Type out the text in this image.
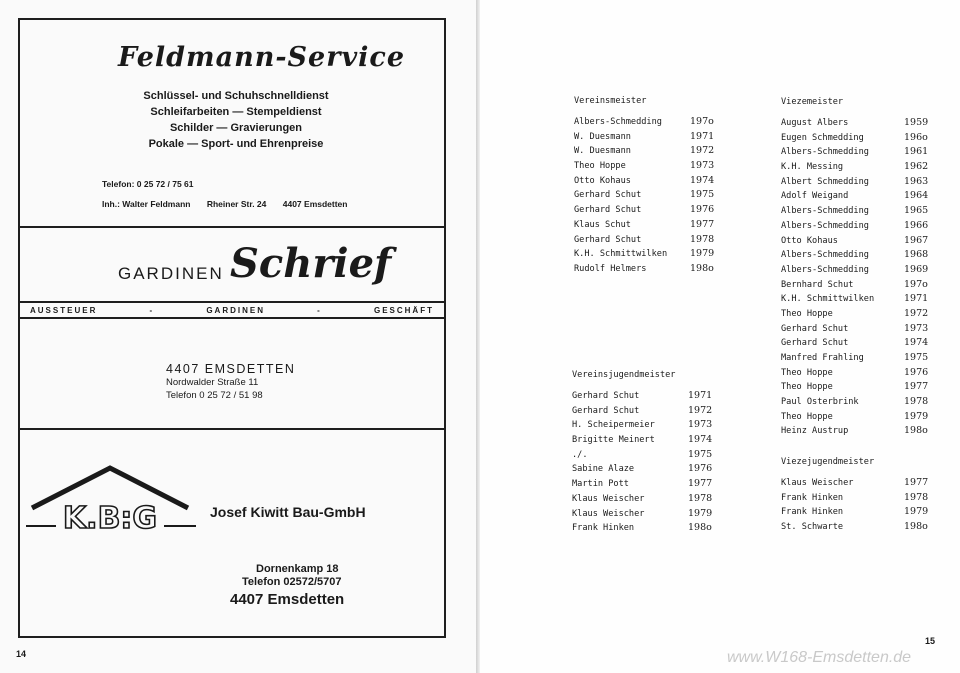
Feldmann-Service
Schlüssel- und Schuhschnelldienst
Schleifarbeiten — Stempeldienst
Schilder — Gravierungen
Pokale — Sport- und Ehrenpreise
Telefon: 0 25 72 / 75 61
Inh.: Walter Feldmann Rheiner Str. 24 4407 Emsdetten
GARDINEN Schrief
AUSSTEUER	-	GARDINEN	-	GESCHÄFT
4407 EMSDETTEN
Nordwalder Straße 11
Telefon 0 25 72 / 51 98
K.B:G	Josef Kiwitt Bau-GmbH
Dornenkamp 18
Telefon 02572/5707
4407 Emsdetten
14
Vereinsmeister
Albers-Schmedding	197o
W. Duesmann	1971
W. Duesmann	1972
Theo Hoppe	1973
Otto Kohaus	1974
Gerhard Schut	1975
Gerhard Schut	1976
Klaus Schut	1977
Gerhard Schut	1978
K.H. Schmittwilken 1979
Rudolf Helmers	198o
Vereinsjugendmeister
Gerhard Schut	1971
Gerhard Schut	1972
H. Scheipermeier	1973
Brigitte Meinert	1974
./.	1975
Sabine Alaze	1976
Martin Pott	1977
Klaus Weischer	1978
Klaus Weischer	1979
Frank Hinken	198o
Viezemeister
August Albers	1959
Eugen Schmedding	196o
Albers-Schmedding	1961
K.H. Messing	1962
Albert Schmedding	1963
Adolf Weigand	1964
Albers-Schmedding	1965
Albers-Schmedding	1966
Otto Kohaus	1967
Albers-Schmedding	1968
Albers-Schmedding	1969
Bernhard Schut	197o
K.H. Schmittwilken	1971
Theo Hoppe	1972
Gerhard Schut	1973
Gerhard Schut	1974
Manfred Frahling	1975
Theo Hoppe	1976
Theo Hoppe	1977
Paul Osterbrink	1978
Theo Hoppe	1979
Heinz Austrup	198o
Viezejugendmeister
Klaus Weischer	1977
Frank Hinken	1978
Frank Hinken	1979
St. Schwarte	198o
15
www.W168-Emsdetten.de
